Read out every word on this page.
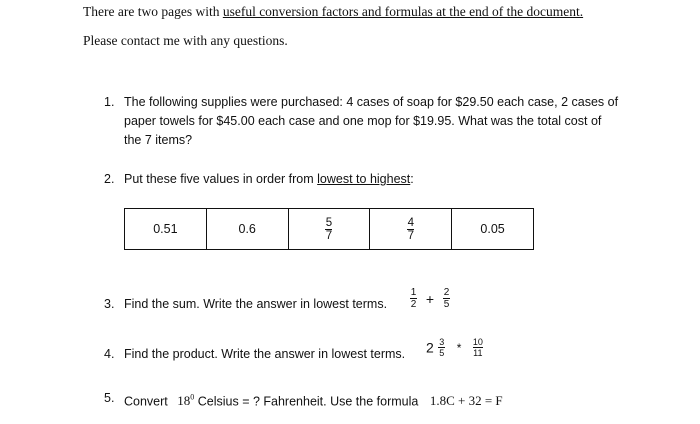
There are two pages with useful conversion factors and formulas at the end of the document.
Please contact me with any questions.
1. The following supplies were purchased: 4 cases of soap for $29.50 each case, 2 cases of
paper towels for $45.00 each case and one mop for $19.95. What was the total cost of
the 7 items?
2. Put these five values in order from lowest to highest:
0.51	0.6	$\frac{5}{7}$	$\frac{4}{7}$	0.05
3. Find the sum. Write the answer in lowest terms. $\frac{1}{2} + \frac{2}{5}$
4. Find the product. Write the answer in lowest terms. $2 \frac{3}{5} * \frac{10}{11}$
5. Convert $18^0$ Celsius = ? Fahrenheit. Use the formula 1.8C + 32 = F
